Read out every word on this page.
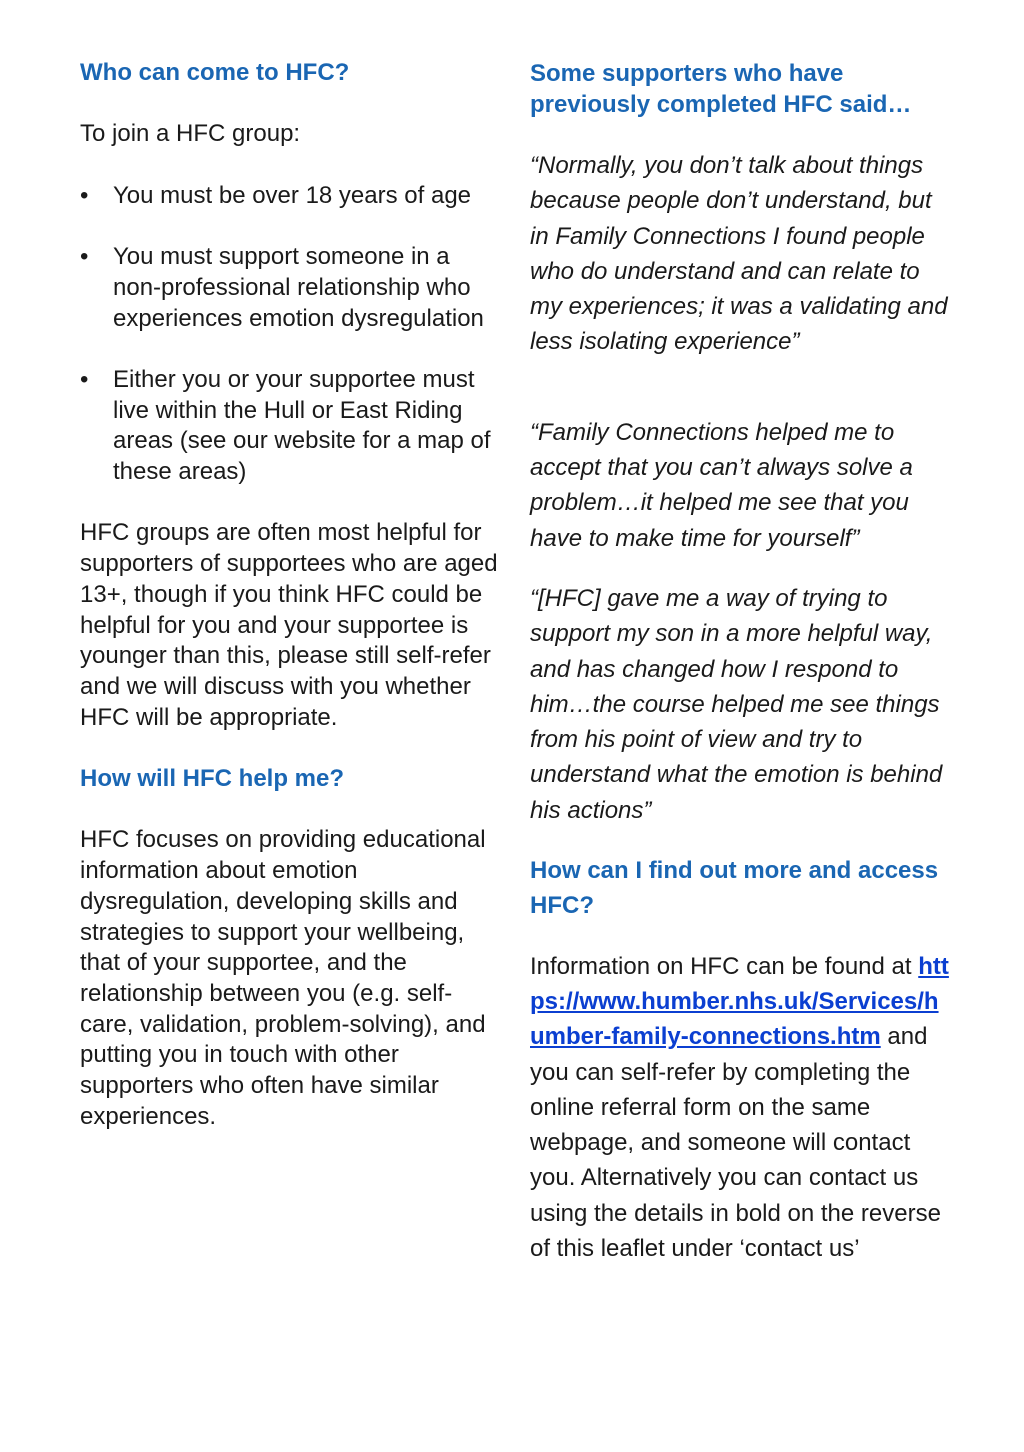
Who can come to HFC?

To join a HFC group:

• You must be over 18 years of age
• You must support someone in a non-professional relationship who experiences emotion dysregulation
• Either you or your supportee must live within the Hull or East Riding areas (see our website for a map of these areas)

HFC groups are often most helpful for supporters of supportees who are aged 13+, though if you think HFC could be helpful for you and your supportee is younger than this, please still self-refer and we will discuss with you whether HFC will be appropriate.

How will HFC help me?

HFC focuses on providing educational information about emotion dysregulation, developing skills and strategies to support your wellbeing, that of your supportee, and the relationship between you (e.g. self-care, validation, problem-solving), and putting you in touch with other supporters who often have similar experiences.

Some supporters who have previously completed HFC said…

“Normally, you don’t talk about things because people don’t understand, but in Family Connections I found people who do understand and can relate to my experiences; it was a validating and less isolating experience”

“Family Connections helped me to accept that you can’t always solve a problem…it helped me see that you have to make time for yourself”

“[HFC] gave me a way of trying to support my son in a more helpful way, and has changed how I respond to him…the course helped me see things from his point of view and try to understand what the emotion is behind his actions”

How can I find out more and access HFC?

Information on HFC can be found at https://www.humber.nhs.uk/Services/humber-family-connections.htm and you can self-refer by completing the online referral form on the same webpage, and someone will contact you. Alternatively you can contact us using the details in bold on the reverse of this leaflet under ‘contact us’
